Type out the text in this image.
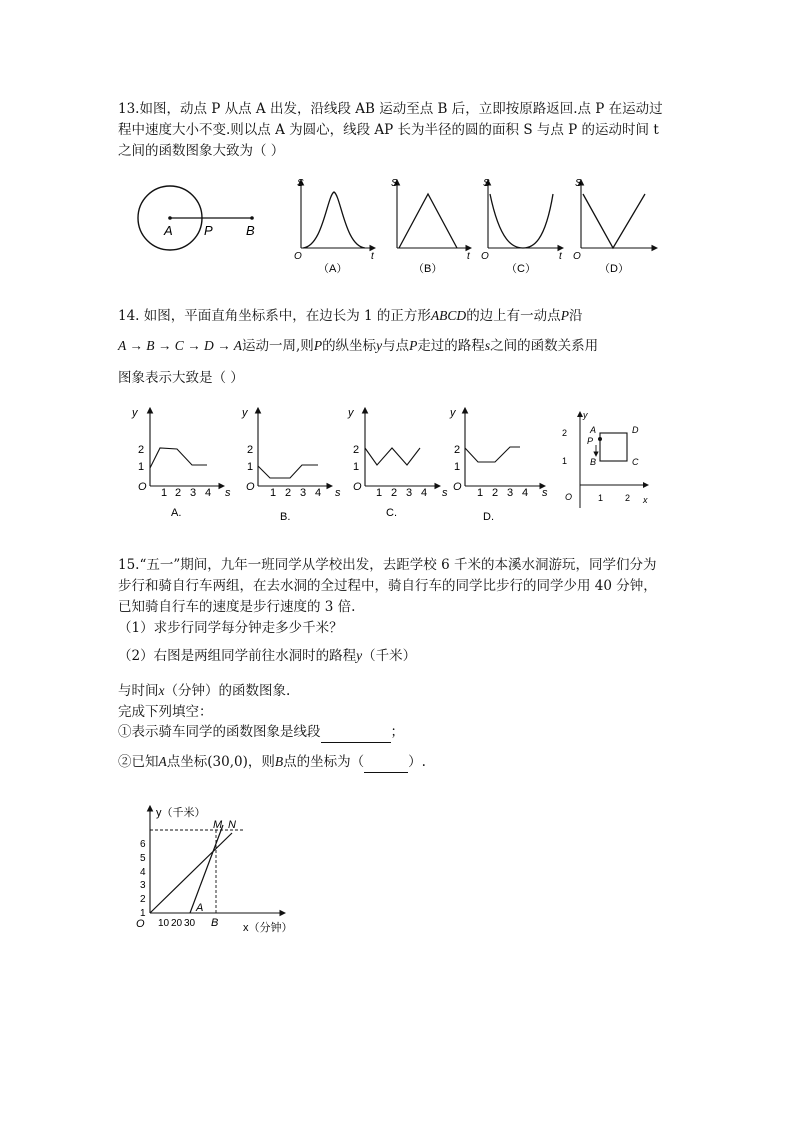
13.如图，动点 P 从点 A 出发，沿线段 AB 运动至点 B 后，立即按原路返回.点 P 在运动过
程中速度大小不变.则以点 A 为圆心，线段 AP 长为半径的圆的面积 S 与点 P 的运动时间 t
之间的函数图象大致为（ ）
A P	B
S
O	t
（A）
S
t
（B）
S
O	t
（C）
S
O
（D）
14. 如图，平面直角坐标系中，在边长为 1 的正方形ABCD的边上有一动点P沿
A → B → C → D → A运动一周,则P的纵坐标y与点P走过的路程s之间的函数关系用
图象表示大致是（ ）
y
O	s
2
1
1 2 3 4
A.
y
O	s
2
1
1 2 3 4
B.
y
O	s
2
1
1 2 3 4
C.
y
O	s
2
1
1 2 3 4
D.
y
O	x
2
1
1 2
A
P
B	C
D
15.“五一”期间，九年一班同学从学校出发，去距学校 6 千米的本溪水洞游玩，同学们分为
步行和骑自行车两组，在去水洞的全过程中，骑自行车的同学比步行的同学少用 40 分钟，
已知骑自行车的速度是步行速度的 3 倍.
（1）求步行同学每分钟走多少千米？
（2）右图是两组同学前往水洞时的路程y（千米）
与时间x（分钟）的函数图象.
完成下列填空：
①表示骑车同学的函数图象是线段	；
②已知A点坐标(30,0)，则B点的坐标为（	）.
y（千米）
x（分钟）
O
1
2
3
4
5
6
10 20 30
M N
A
B
